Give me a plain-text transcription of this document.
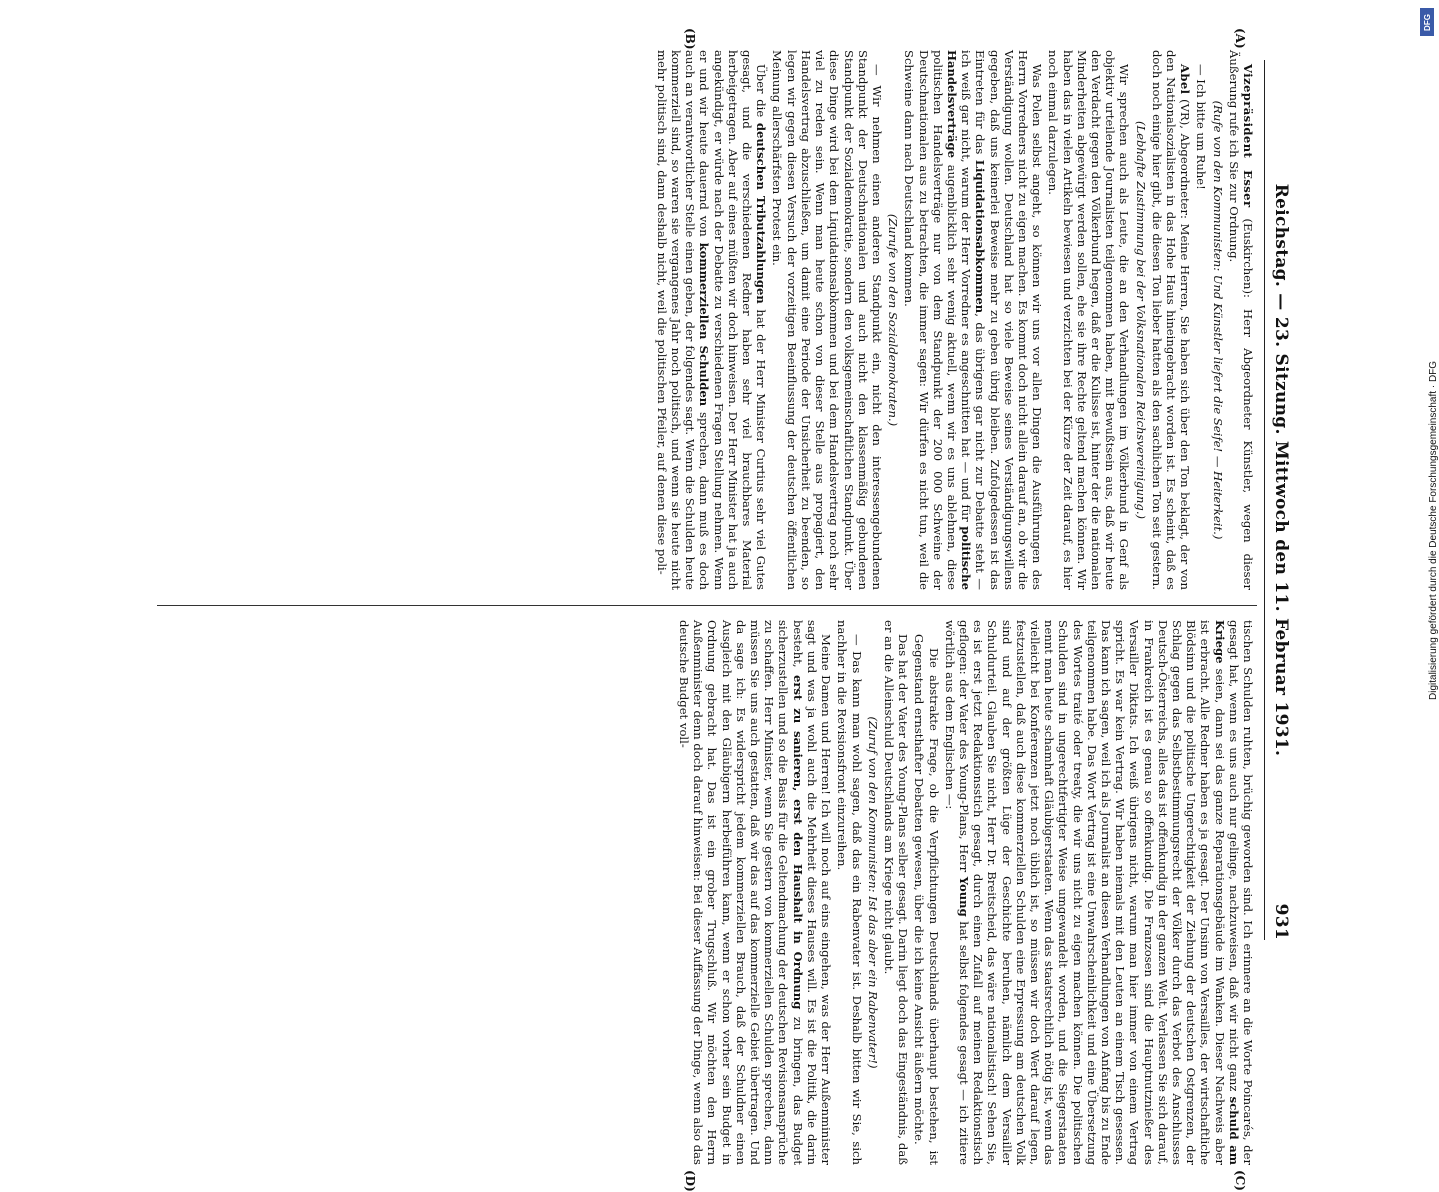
Reichstag. — 23. Sitzung. Mittwoch den 11. Februar 1931.
931
(A)
(B)
(C)
(D)

Vizepräsident Esser (Euskirchen): Herr Abgeordneter Künstler, wegen dieser Äußerung rufe ich Sie zur Ordnung.

(Rufe von den Kommunisten: Und Künstler liefert die Seife! — Heiterkeit.)

— Ich bitte um Ruhe!

Abel (VR), Abgeordneter: Meine Herren, Sie haben sich über den Ton beklagt, der von den Nationalsozialisten in das Hohe Haus hineingebracht worden ist. Es scheint, daß es doch noch einige hier gibt, die diesen Ton lieber hatten als den sachlichen Ton seit gestern.

(Lebhafte Zustimmung bei der Volksnationalen Reichsvereinigung.)

Wir sprechen auch als Leute, die an den Verhandlungen im Völkerbund in Genf als objektiv urteilende Journalisten teilgenommen haben, mit Bewußtsein aus, daß wir heute den Verdacht gegen den Völkerbund hegen, daß er die Kulisse ist, hinter der die nationalen Minderheiten abgewürgt werden sollen, ehe sie ihre Rechte geltend machen können. Wir haben das in vielen Artikeln bewiesen und verzichten bei der Kürze der Zeit darauf, es hier noch einmal darzulegen.

Was Polen selbst angeht, so können wir uns vor allen Dingen die Ausführungen des Herrn Vorredners nicht zu eigen machen. Es kommt doch nicht allein darauf an, ob wir die Verständigung wollen. Deutschland hat so viele Beweise seines Verständigungswillens gegeben, daß uns keinerlei Beweise mehr zu geben übrig bleiben. Zufolgedessen ist das Eintreten für das Liquidationsabkommen, das übrigens gar nicht zur Debatte steht — ich weiß gar nicht, warum der Herr Vorredner es angeschnitten hat — und für politische Handelsverträge augenblicklich sehr wenig aktuell, wenn wir es uns ablehnen, diese politischen Handelsverträge nur von dem Standpunkt der 200 000 Schweine der Deutschnationalen aus zu betrachten, die immer sagen: Wir dürfen es nicht tun, weil die Schweine dann nach Deutschland kommen.

(Zurufe von den Sozialdemokraten.)

— Wir nehmen einen anderen Standpunkt ein, nicht den interessengebundenen Standpunkt der Deutschnationalen und auch nicht den klassenmäßig gebundenen Standpunkt der Sozialdemokratie, sondern den volksgemeinschaftlichen Standpunkt. Über diese Dinge wird bei dem Liquidationsabkommen und bei dem Handelsvertrag noch sehr viel zu reden sein. Wenn man heute schon von dieser Stelle aus propagiert, den Handelsvertrag abzuschließen, um damit eine Periode der Unsicherheit zu beenden, so legen wir gegen diesen Versuch der vorzeitigen Beeinflussung der deutschen öffentlichen Meinung allerschärfsten Protest ein.

Über die deutschen Tributzahlungen hat der Herr Minister Curtius sehr viel Gutes gesagt, und die verschiedenen Redner haben sehr viel brauchbares Material herbeigetragen. Aber auf eines müßten wir doch hinweisen. Der Herr Minister hat ja auch angekündigt, er würde nach der Debatte zu verschiedenen Fragen Stellung nehmen. Wenn er und wir heute dauernd von kommerziellen Schulden sprechen, dann muß es doch auch an verantwortlicher Stelle einen geben, der folgendes sagt. Wenn die Schulden heute kommerziell sind, so waren sie vergangenes Jahr noch politisch, und wenn sie heute nicht mehr politisch sind, dann deshalb nicht, weil die politischen Pfeiler, auf denen diese poli-

tischen Schulden ruhten, brüchig geworden sind. Ich erinnere an die Worte Poincarés, der gesagt hat, wenn es uns auch nur gelinge, nachzuweisen, daß wir nicht ganz schuld am Kriege seien, dann sei das ganze Reparationsgebäude im Wanken. Dieser Nachweis aber ist erbracht. Alle Redner haben es ja gesagt. Der Unsinn von Versailles, der wirtschaftliche Blödsinn und die politische Ungerechtigkeit der Ziehung der deutschen Ostgrenzen, der Schlag gegen das Selbstbestimmungsrecht der Völker durch das Verbot des Anschlusses Deutsch-Österreichs, alles das ist offenkundig in der ganzen Welt. Verlassen Sie sich darauf, in Frankreich ist es genau so offenkundig. Die Franzosen sind die Hauptnutznießer des Versailler Diktats. Ich weiß übrigens nicht, warum man hier immer von einem Vertrag spricht. Es war kein Vertrag. Wir haben niemals mit den Leuten an einem Tisch gesessen. Das kann ich sagen, weil ich als Journalist an diesen Verhandlungen von Anfang bis zu Ende teilgenommen habe. Das Wort Vertrag ist eine Unwahrscheinlichkeit und eine Übersetzung des Wortes traité oder treaty, die wir uns nicht zu eigen machen können. Die politischen Schulden sind in ungerechtfertigter Weise umgewandelt worden, und die Siegerstaaten nennt man heute schamhaft Gläubigerstaaten. Wenn das staatsrechtlich nötig ist, wenn das vielleicht bei Konferenzen jetzt noch üblich ist, so müssen wir doch Wert darauf legen, festzustellen, daß auch diese kommerziellen Schulden eine Erpressung am deutschen Volk sind und auf der größten Lüge der Geschichte beruhen, nämlich dem Versailler Schuldurteil. Glauben Sie nicht, Herr Dr. Breitscheid, das wäre nationalistisch! Sehen Sie, es ist erst jetzt Redaktionsstich gesagt, durch einen Zufall auf meinen Redaktionstisch geflogen: der Vater des Young-Plans, Herr Young hat selbst folgendes gesagt — ich zitiere wörtlich aus dem Englischen —:

Die abstrakte Frage, ob die Verpflichtungen Deutschlands überhaupt bestehen, ist Gegenstand ernsthafter Debatten gewesen, über die ich keine Ansicht äußern möchte.

Das hat der Vater des Young-Plans selber gesagt. Darin liegt doch das Eingeständnis, daß er an die Alleinschuld Deutschlands am Kriege nicht glaubt.

(Zuruf von den Kommunisten: Ist das aber ein Rabenvater!)

— Das kann man wohl sagen, daß das ein Rabenvater ist. Deshalb bitten wir Sie, sich nachher in die Revisionsfront einzureihen.

Meine Damen und Herren! Ich will noch auf eins eingehen, was der Herr Außenminister sagt und was ja wohl auch die Mehrheit dieses Hauses will. Es ist die Politik, die darin besteht, erst zu sanieren, erst den Haushalt in Ordnung zu bringen, das Budget sicherzustellen und so die Basis für die Geltendmachung der deutschen Revisionsansprüche zu schaffen. Herr Minister, wenn Sie gestern von kommerziellen Schulden sprechen, dann müssen Sie uns auch gestatten, daß wir das auf das kommerzielle Gebiet übertragen. Und da sage ich: Es widerspricht jedem kommerziellen Brauch, daß der Schuldner einen Ausgleich mit den Gläubigern herbeiführen kann, wenn er schon vorher sein Budget in Ordnung gebracht hat. Das ist ein grober Trugschluß. Wir möchten den Herrn Außenminister denn doch darauf hinweisen: Bei dieser Auffassung der Dinge, wenn also das deutsche Budget voll-

DFG
Digitalisierung gefördert durch die Deutsche Forschungsgemeinschaft · DFG
